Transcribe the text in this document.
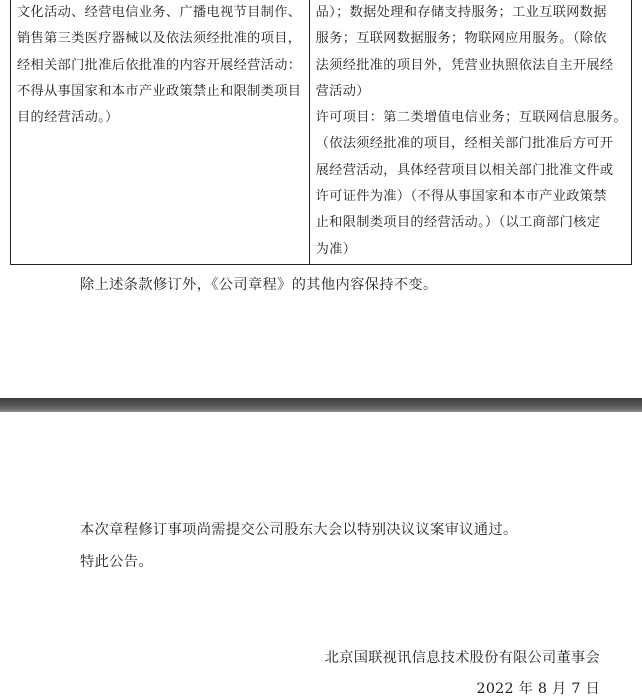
文化活动、经营电信业务、广播电视节目制作、
销售第三类医疗器械以及依法须经批准的项目，
经相关部门批准后依批准的内容开展经营活动：
不得从事国家和本市产业政策禁止和限制类项目
目的经营活动。）
品）；数据处理和存储支持服务；工业互联网数据
服务；互联网数据服务；物联网应用服务。（除依
法须经批准的项目外，凭营业执照依法自主开展经
营活动）
许可项目：第二类增值电信业务；互联网信息服务。
（依法须经批准的项目，经相关部门批准后方可开
展经营活动，具体经营项目以相关部门批准文件或
许可证件为准）（不得从事国家和本市产业政策禁
止和限制类项目的经营活动。）（以工商部门核定
为准）
除上述条款修订外，《公司章程》的其他内容保持不变。
本次章程修订事项尚需提交公司股东大会以特别决议议案审议通过。
特此公告。
北京国联视讯信息技术股份有限公司董事会
2022 年 8 月 7 日
